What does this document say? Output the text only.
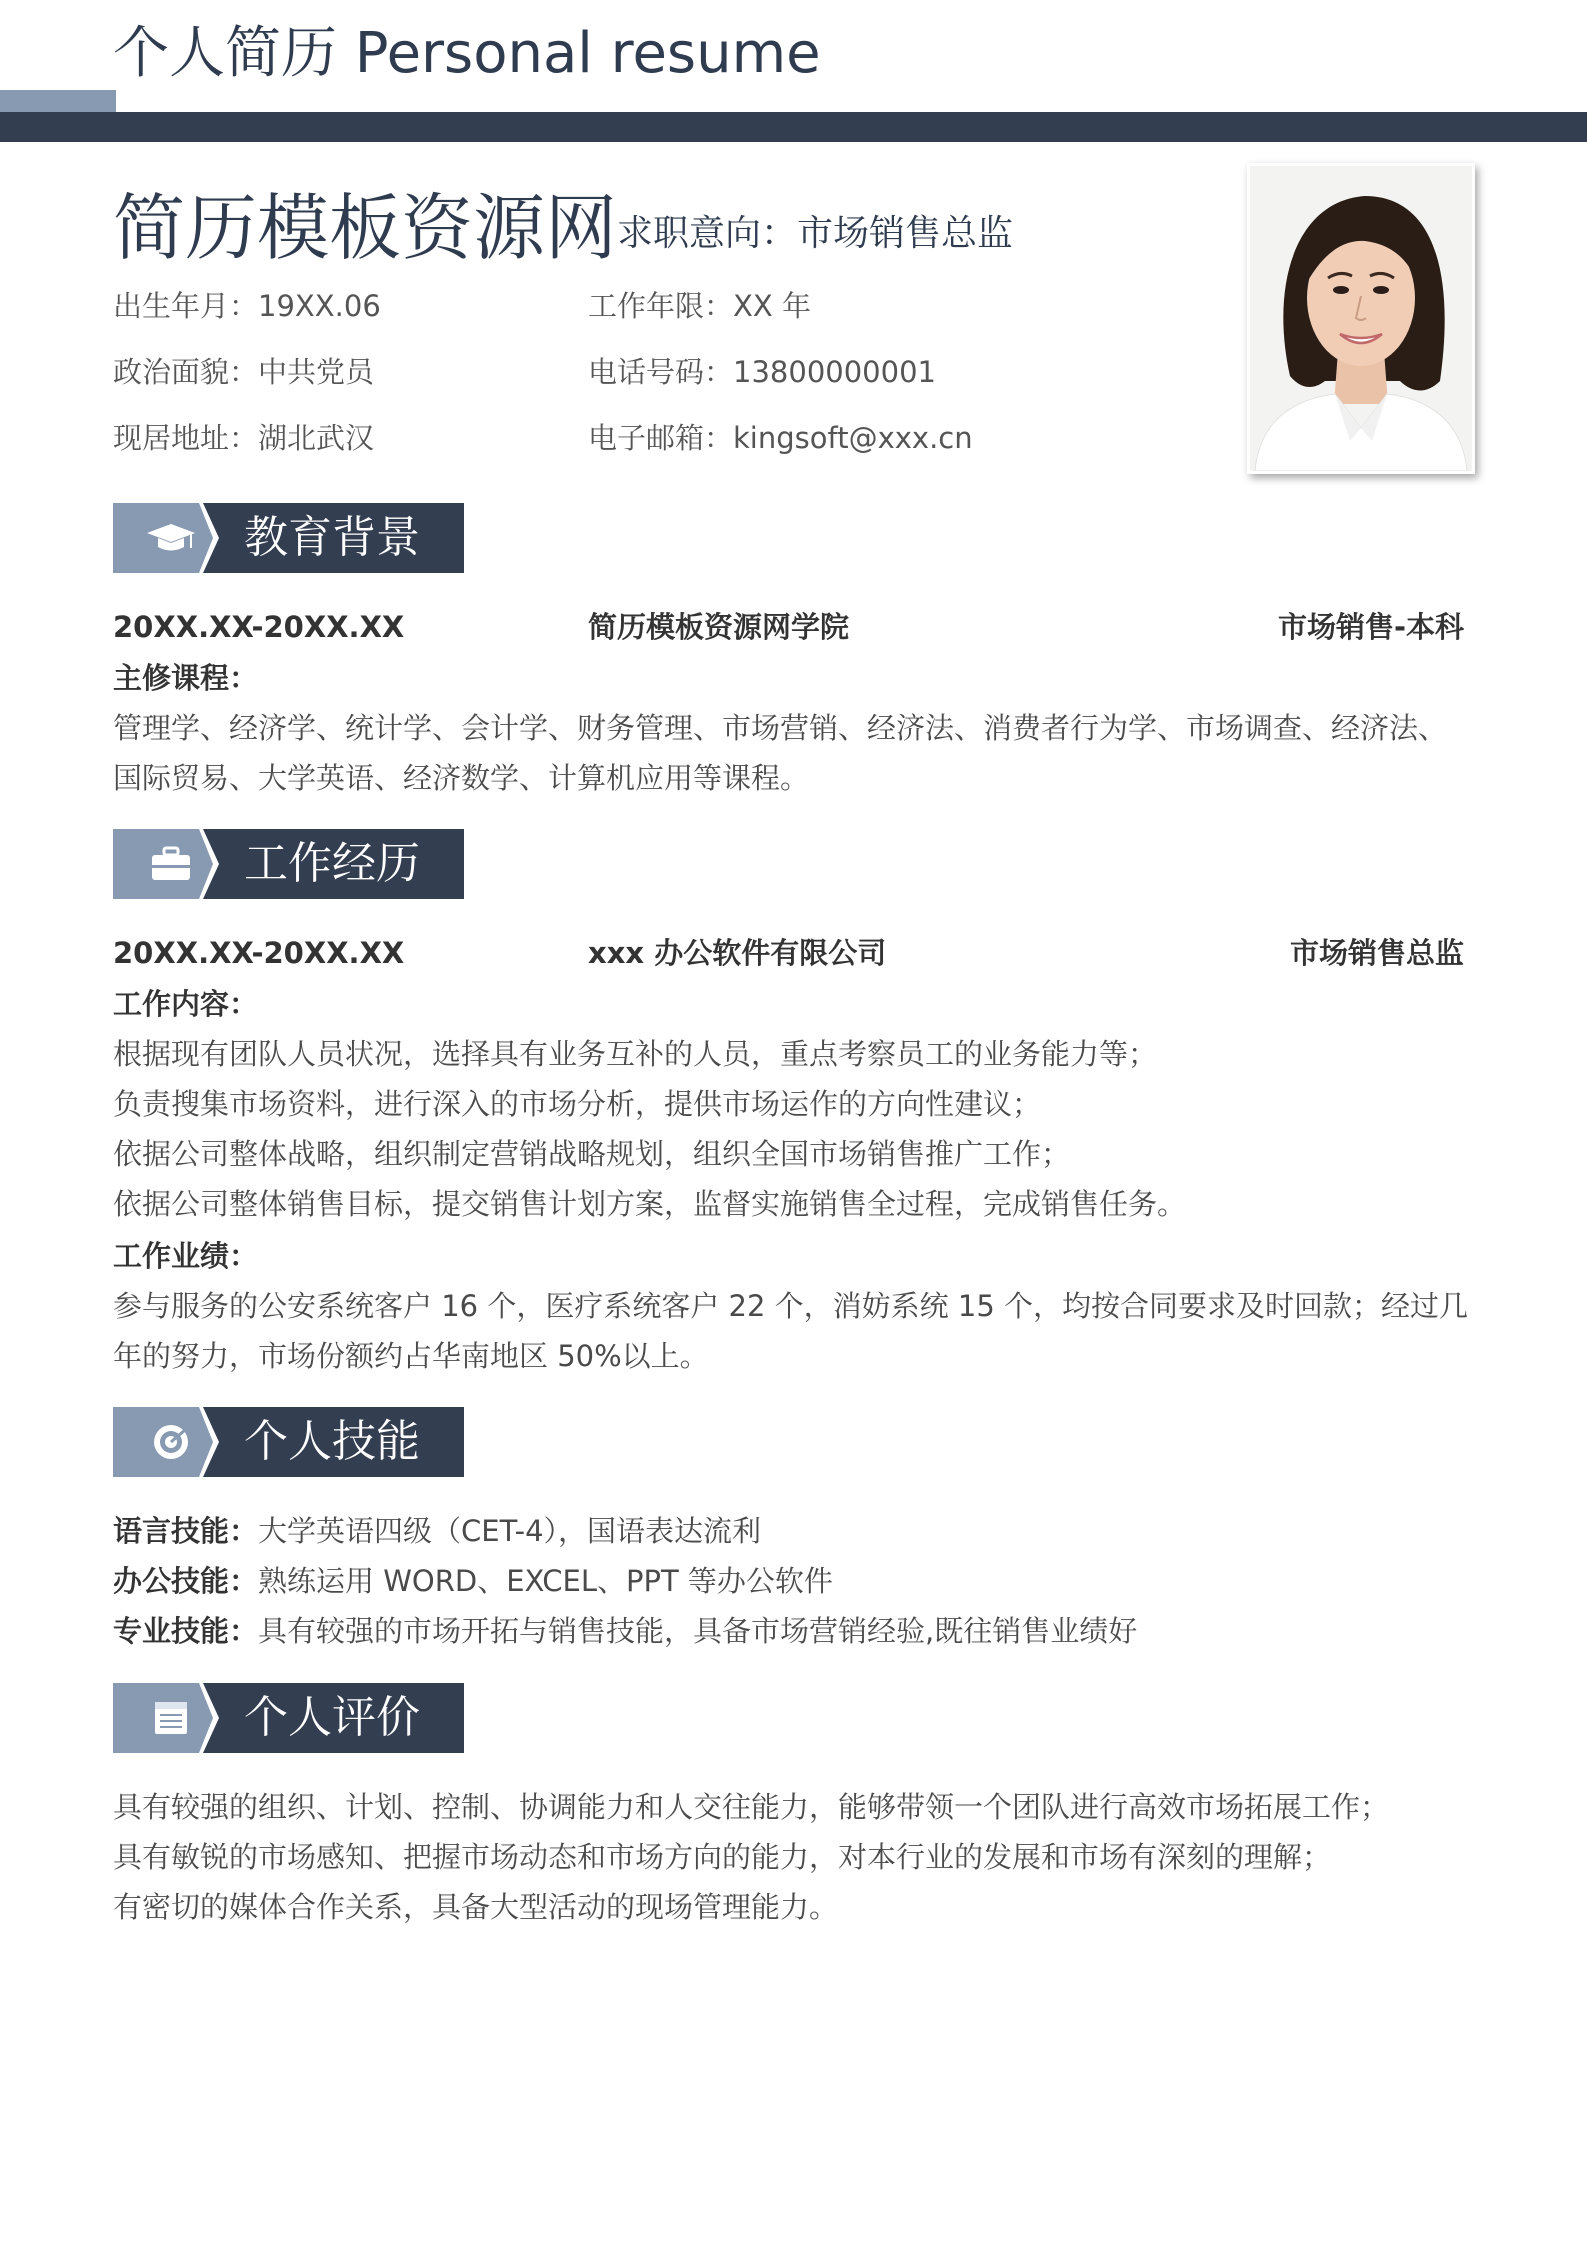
个人简历 Personal resume
简历模板资源网 求职意向：市场销售总监
出生年月：19XX.06	工作年限：XX 年
政治面貌：中共党员	电话号码：13800000001
现居地址：湖北武汉	电子邮箱：kingsoft@xxx.cn
教育背景
20XX.XX-20XX.XX	简历模板资源网学院	市场销售-本科
主修课程：
管理学、经济学、统计学、会计学、财务管理、市场营销、经济法、消费者行为学、市场调查、经济法、
国际贸易、大学英语、经济数学、计算机应用等课程。
工作经历
20XX.XX-20XX.XX	xxx 办公软件有限公司	市场销售总监
工作内容：
根据现有团队人员状况，选择具有业务互补的人员，重点考察员工的业务能力等；
负责搜集市场资料，进行深入的市场分析，提供市场运作的方向性建议；
依据公司整体战略，组织制定营销战略规划，组织全国市场销售推广工作；
依据公司整体销售目标，提交销售计划方案，监督实施销售全过程，完成销售任务。
工作业绩：
参与服务的公安系统客户 16 个，医疗系统客户 22 个，消妨系统 15 个，均按合同要求及时回款；经过几
年的努力，市场份额约占华南地区 50%以上。
个人技能
语言技能：大学英语四级（CET-4），国语表达流利
办公技能：熟练运用 WORD、EXCEL、PPT 等办公软件
专业技能：具有较强的市场开拓与销售技能，具备市场营销经验,既往销售业绩好
个人评价
具有较强的组织、计划、控制、协调能力和人交往能力，能够带领一个团队进行高效市场拓展工作；
具有敏锐的市场感知、把握市场动态和市场方向的能力，对本行业的发展和市场有深刻的理解；
有密切的媒体合作关系，具备大型活动的现场管理能力。
